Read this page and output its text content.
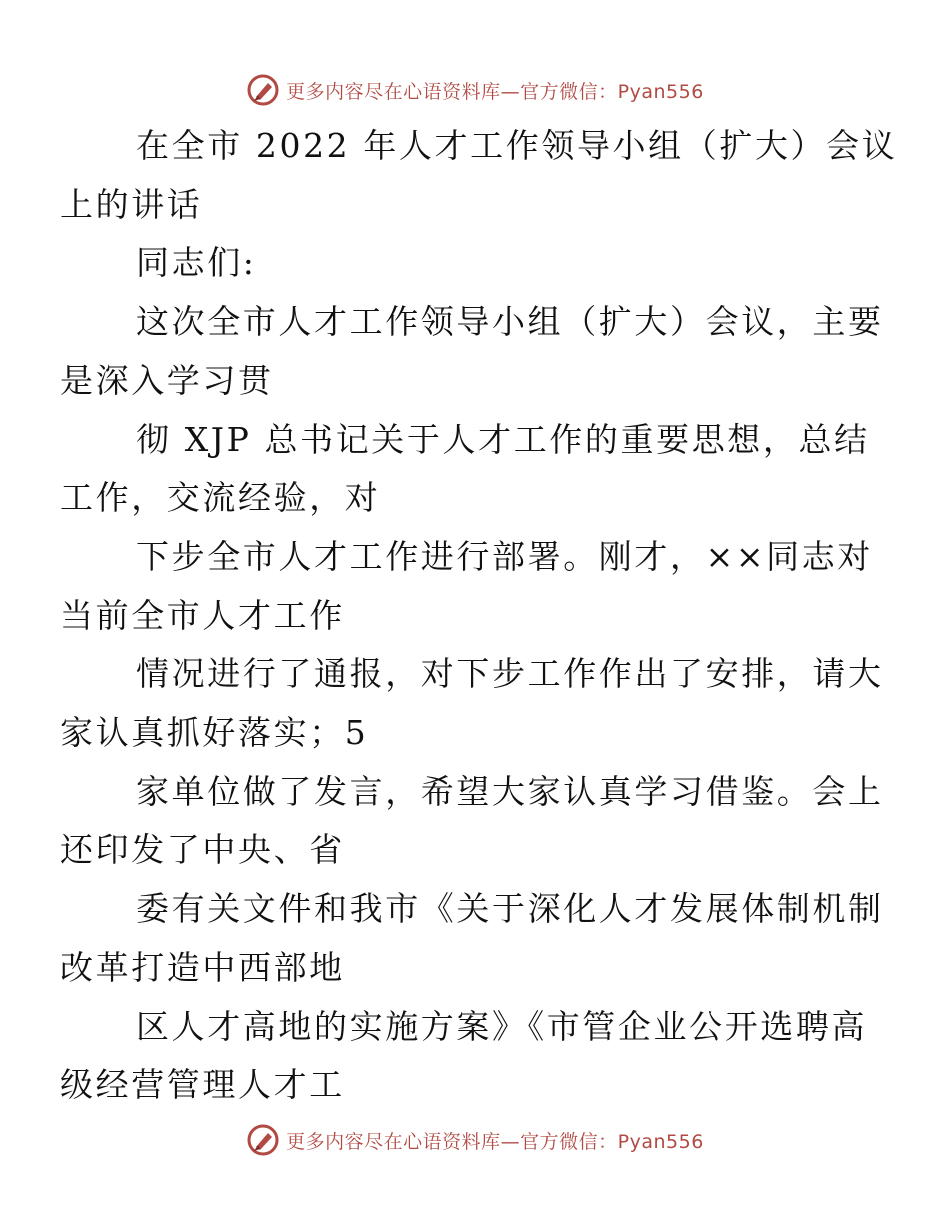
更多内容尽在心语资料库—官方微信：Pyan556

在全市 2022 年人才工作领导小组（扩大）会议
上的讲话

同志们:

这次全市人才工作领导小组（扩大）会议，主要
是深入学习贯

彻 XJP 总书记关于人才工作的重要思想，总结
工作，交流经验，对

下步全市人才工作进行部署。刚才，××同志对
当前全市人才工作

情况进行了通报，对下步工作作出了安排，请大
家认真抓好落实；5

家单位做了发言，希望大家认真学习借鉴。会上
还印发了中央、省

委有关文件和我市《关于深化人才发展体制机制
改革打造中西部地

区人才高地的实施方案》《市管企业公开选聘高
级经营管理人才工

更多内容尽在心语资料库—官方微信：Pyan556
